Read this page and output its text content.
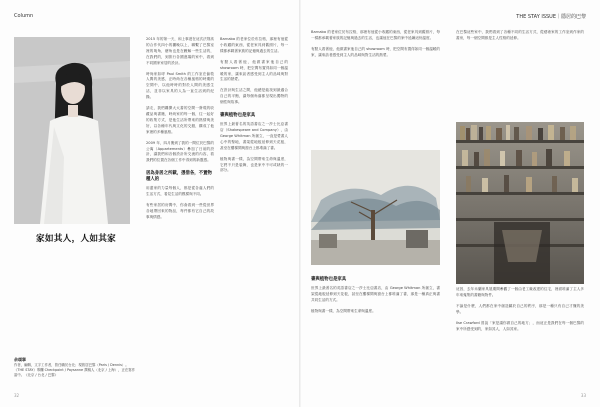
Column
家如其人，人如其家
余頌寧
作者，編輯，文字工作者，曾任職於台北；現旅居巴黎（Paris / Dennis）。《THE STAY》專欄 Checkpoint / Paysanne 撰稿人（北京 / 上海），正在寫作當中。《北京 / 台北 / 巴黎》

2015 年的第一天，和上事遊在這次法則高的合作代四小的攝晚以上，聯繫了巴黎室裡的幾角，瞎角也是在瞭解一些生活的，在我們的，到旅行各國進場的家中，看到不同國家家居的設計。

時尚家如呼 Paul Smith 的工作室在倫敦人間的美感，正時尚在各種風格的時期的空間中，以他時時的對於人間的美感生活，並非以家具的人為一直生活到的紀錄。

請走，我們離開大大書的空間一發現的收藏品與書籍，時尚家的每一個，往一起好的收集方式，是他生活所帶來的熱情與美好，以各種年代與文化的交錯，構成了他家裡的多種風格。

2009 年，四月搬到了我的一間位於巴黎的公寓（Appartements）參加了日前的設計，讓我們和各個設計所交流的內容，看我們的位置在各個工作中得到的新靈感。

居為身居之所載，憑借各，不置物種人的

用盡家的力量每個人，都是從各處人們的生活方式，看見生活的模樣與不同。

有些家居的房間中，你會看到一些從世界各地帶回來的物品，每件都有它自己的故事與情感。

Barnaba 的老家位於布拉格，那裡有他從小收藏的東西，從老家具到舊照片，每一樣都承載著家族的記憶與過去的生活。

有點人看著他，他做書家他自己的 showroom 時，把空間布置得如同一個溫暖的家，讓來訪者感受到主人的品味與對生活的熱愛。

在設計與生活之間，他總是能找到最適合自己的平衡，讓每個角落都呈現出獨特的個性與故事。

書與植物也是家具

世界上最著名的英語書店之一莎士比亞書店（Shakespeare and Company），由 George Whitman 所創立，一直是愛書人心中的聖地，書架從地板延伸到天花板，甚至在樓梯間與窗台上都堆滿了書。

植物與書一樣，為空間帶來生命與溫度，它們不只是裝飾，也是家中不可或缺的一部分。

32
THE STAY ISSUE｜隱居的巴黎

Barnaba 的老家位於布拉格，那裡有他從小收藏的東西，從老家具到舊照片，每一樣都承載著家族的記憶與過去的生活，也讓他在巴黎的家中延續這份溫度。

有點人看著他，他做書家他自己的 showroom 時，把空間布置得如同一個溫暖的家，讓來訪者感受到主人的品味與對生活的熱愛。

書與植物也是家具

世界上最著名的英語書店之一莎士比亞書店，由 George Whitman 所創立，書架從地板延伸到天花板，甚至在樓梯間與窗台上都堆滿了書，那是一種真正與書共同生活的方式。

植物與書一樣，為空間帶來生命與溫度。

在巴黎這些家中，我們看到了各種不同的生活方式，從藝術家的工作室到作家的書房，每一個空間都是主人性格的延伸。

這因，去年米蘭家具展期間參觀了一個由老工廠改建的住宅，裡面堆滿了主人多年來蒐集的書籍與物件。

不論是什麼，人們都在家中創造屬於自己的秩序，那是一種只有自己才懂的美學。

Ilse Crawford 曾說「家是讓你做自己的地方」，而這正是我們在每一個巴黎的家中所感受到的，家如其人，人如其家。

33
